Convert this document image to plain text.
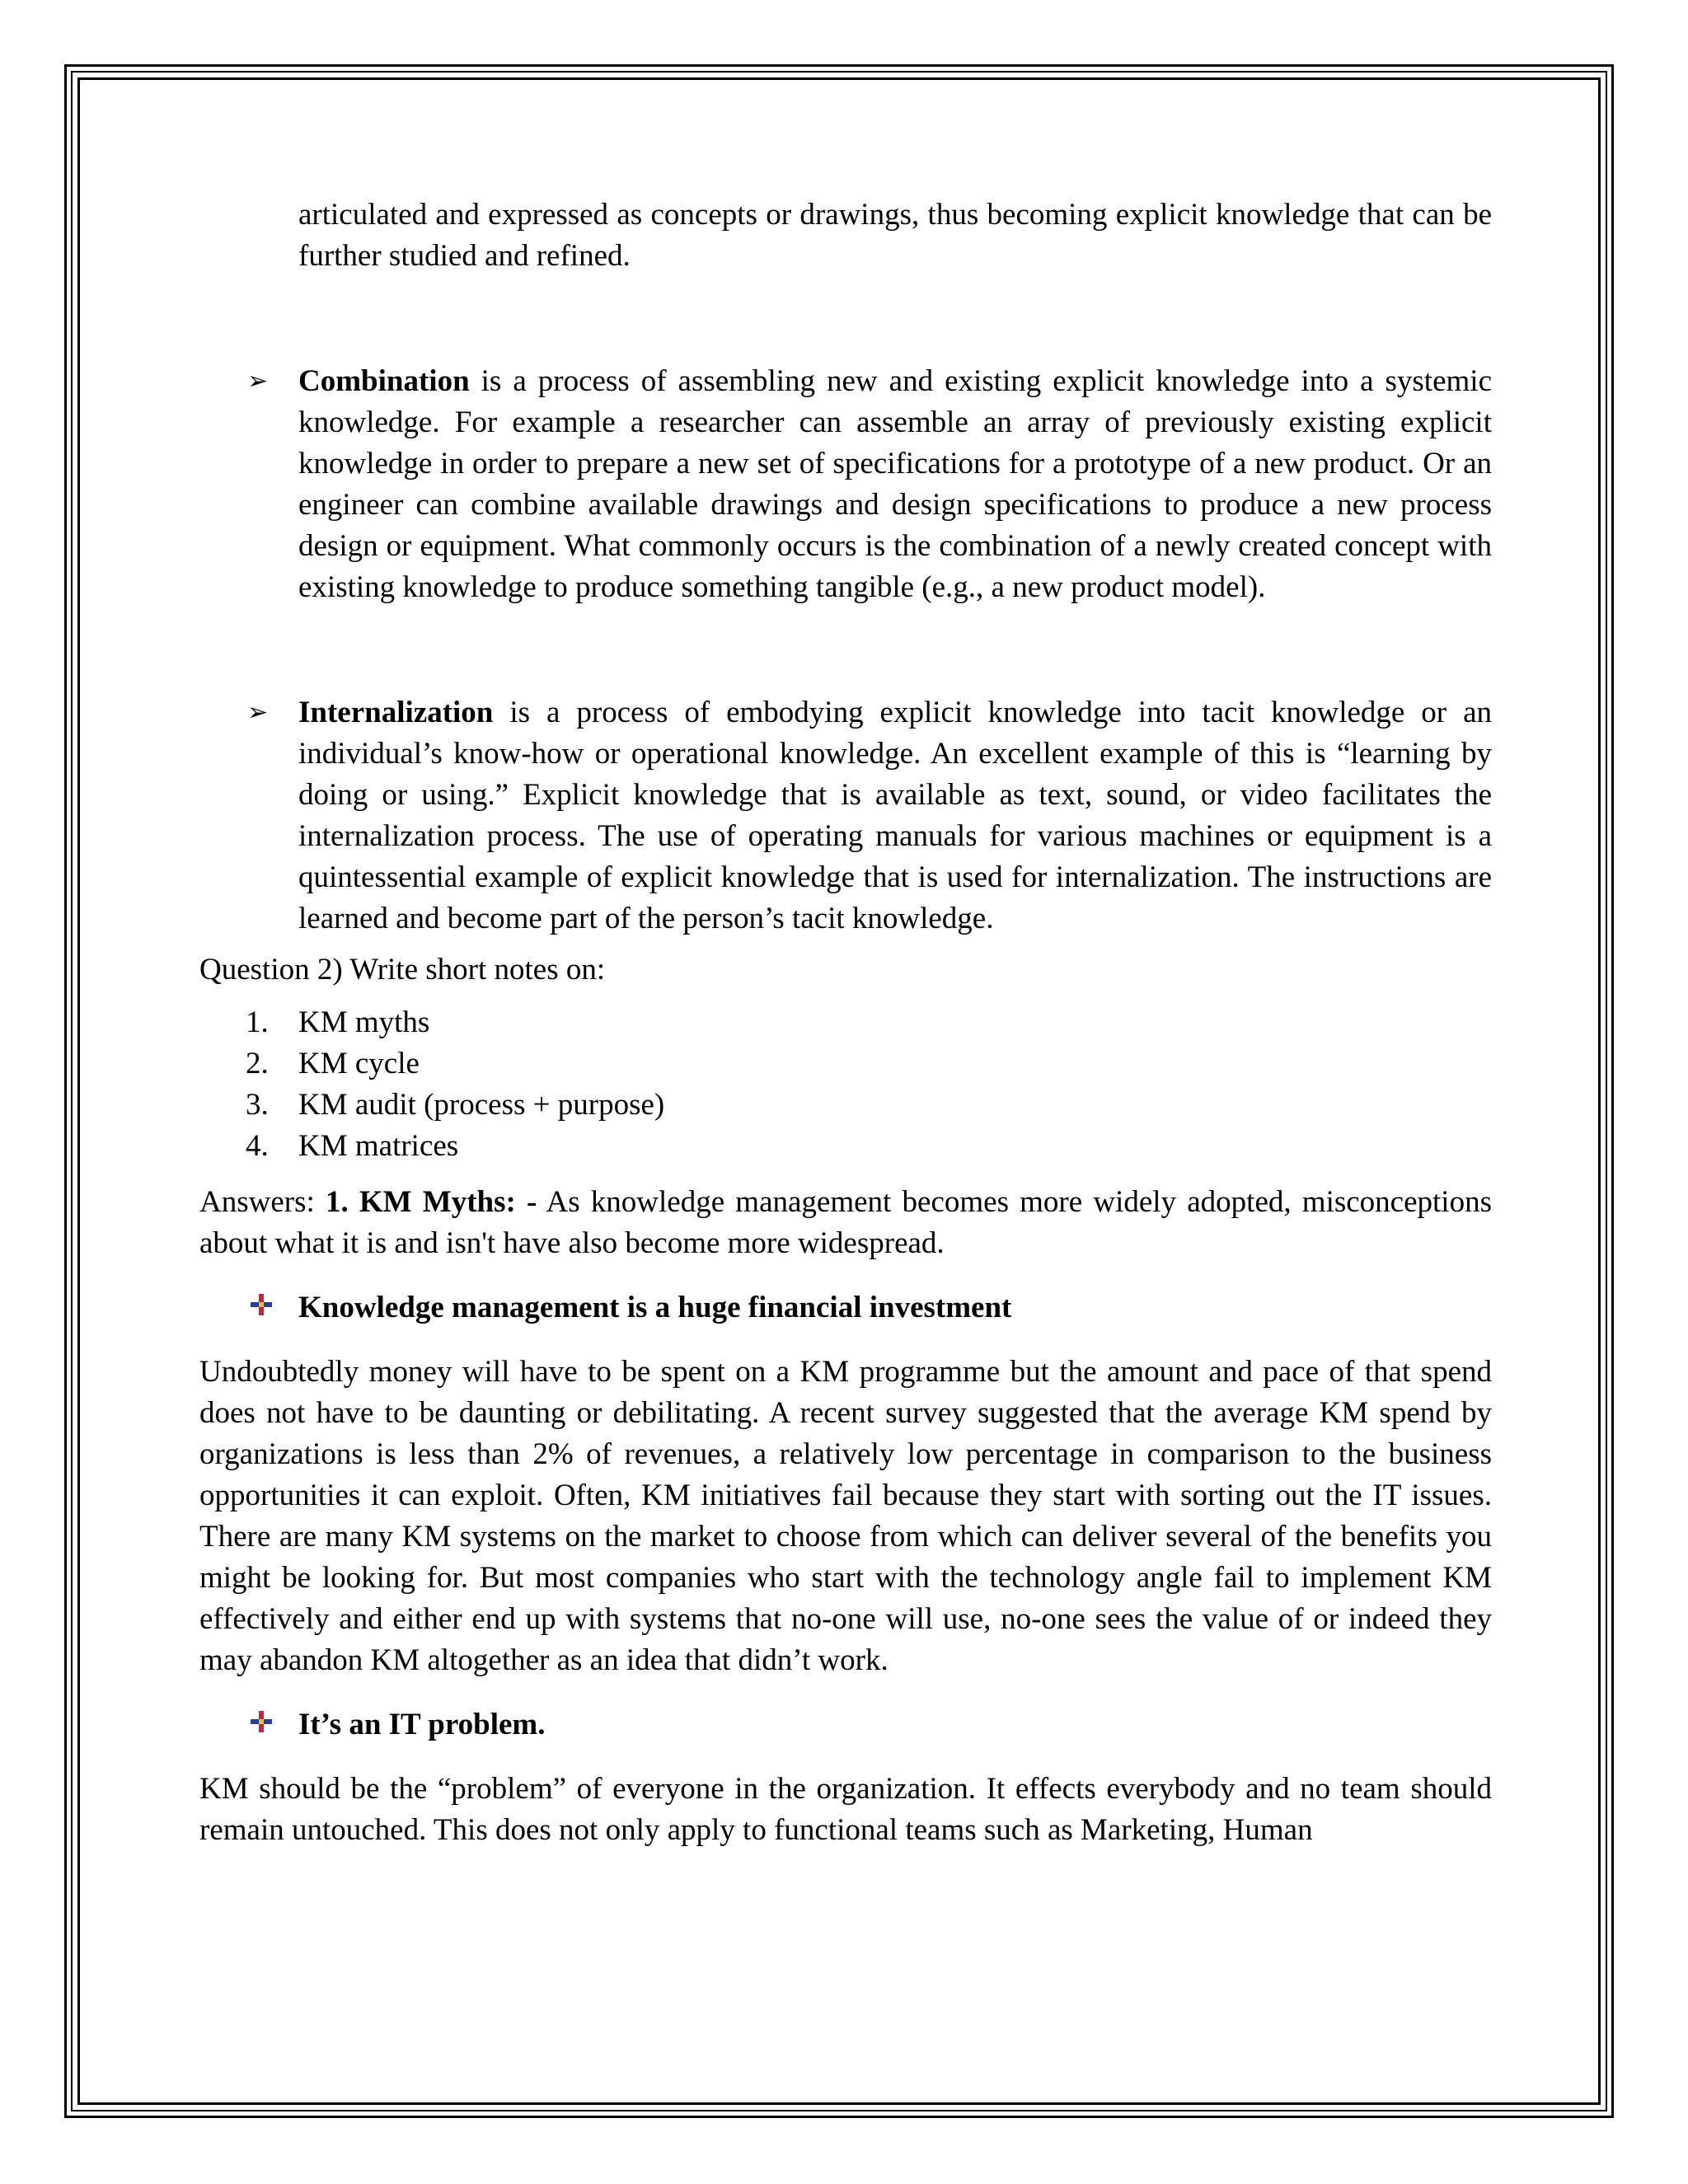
articulated and expressed as concepts or drawings, thus becoming explicit knowledge that can be further studied and refined.

➢ Combination is a process of assembling new and existing explicit knowledge into a systemic knowledge. For example a researcher can assemble an array of previously existing explicit knowledge in order to prepare a new set of specifications for a prototype of a new product. Or an engineer can combine available drawings and design specifications to produce a new process design or equipment. What commonly occurs is the combination of a newly created concept with existing knowledge to produce something tangible (e.g., a new product model).

➢ Internalization is a process of embodying explicit knowledge into tacit knowledge or an individual’s know-how or operational knowledge. An excellent example of this is “learning by doing or using.” Explicit knowledge that is available as text, sound, or video facilitates the internalization process. The use of operating manuals for various machines or equipment is a quintessential example of explicit knowledge that is used for internalization. The instructions are learned and become part of the person’s tacit knowledge.

Question 2) Write short notes on:

1. KM myths
2. KM cycle
3. KM audit (process + purpose)
4. KM matrices

Answers: 1. KM Myths: - As knowledge management becomes more widely adopted, misconceptions about what it is and isn't have also become more widespread.

Knowledge management is a huge financial investment

Undoubtedly money will have to be spent on a KM programme but the amount and pace of that spend does not have to be daunting or debilitating. A recent survey suggested that the average KM spend by organizations is less than 2% of revenues, a relatively low percentage in comparison to the business opportunities it can exploit. Often, KM initiatives fail because they start with sorting out the IT issues. There are many KM systems on the market to choose from which can deliver several of the benefits you might be looking for. But most companies who start with the technology angle fail to implement KM effectively and either end up with systems that no-one will use, no-one sees the value of or indeed they may abandon KM altogether as an idea that didn’t work.

It’s an IT problem.

KM should be the “problem” of everyone in the organization. It effects everybody and no team should remain untouched. This does not only apply to functional teams such as Marketing, Human
